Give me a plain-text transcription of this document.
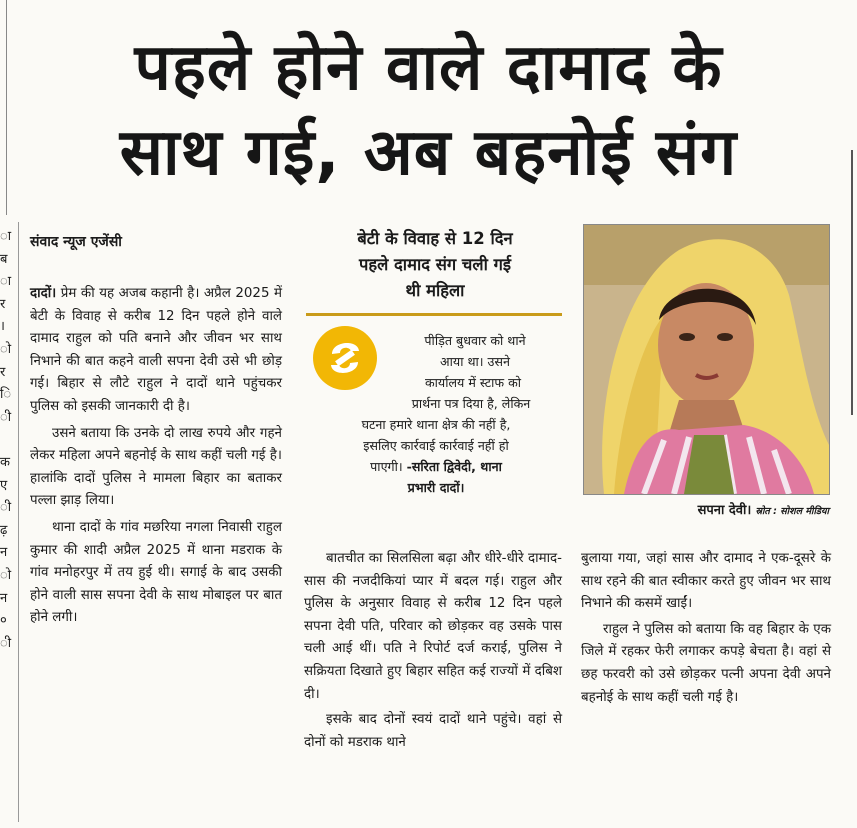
पहले होने वाले दामाद के
साथ गई, अब बहनोई संग
ा
ब
ा
र
।
ो
र
ि
ी

क
ए
ी
ढ़
न
ो
न
०
ी
संवाद न्यूज एजेंसी

दादों। प्रेम की यह अजब कहानी है। अप्रैल 2025 में बेटी के विवाह से करीब 12 दिन पहले होने वाले दामाद राहुल को पति बनाने और जीवन भर साथ निभाने की बात कहने वाली सपना देवी उसे भी छोड़ गई। बिहार से लौटे राहुल ने दादों थाने पहुंचकर पुलिस को इसकी जानकारी दी है।

उसने बताया कि उनके दो लाख रुपये और गहने लेकर महिला अपने बहनोई के साथ कहीं चली गई है। हालांकि दादों पुलिस ने मामला बिहार का बताकर पल्ला झाड़ लिया।

थाना दादों के गांव मछरिया नगला निवासी राहुल कुमार की शादी अप्रैल 2025 में थाना मडराक के गांव मनोहरपुर में तय हुई थी। सगाई के बाद उसकी होने वाली सास सपना देवी के साथ मोबाइल पर बात होने लगी।

बेटी के विवाह से 12 दिन
पहले दामाद संग चली गई
थी महिला

पीड़ित बुधवार को थाने

आया था। उसने

कार्यालय में स्टाफ को

प्रार्थना पत्र दिया है, लेकिन

घटना हमारे थाना क्षेत्र की नहीं है,

इसलिए कार्रवाई कार्रवाई नहीं हो

पाएगी। -सरिता द्विवेदी, थाना

प्रभारी दादों।

सपना देवी। स्रोत : सोशल मीडिया

बातचीत का सिलसिला बढ़ा और धीरे-धीरे दामाद-सास की नजदीकियां प्यार में बदल गई। राहुल और पुलिस के अनुसार विवाह से करीब 12 दिन पहले सपना देवी पति, परिवार को छोड़कर वह उसके पास चली आई थीं। पति ने रिपोर्ट दर्ज कराई, पुलिस ने सक्रियता दिखाते हुए बिहार सहित कई राज्यों में दबिश दी।

इसके बाद दोनों स्वयं दादों थाने पहुंचे। वहां से दोनों को मडराक थाने

बुलाया गया, जहां सास और दामाद ने एक-दूसरे के साथ रहने की बात स्वीकार करते हुए जीवन भर साथ निभाने की कसमें खाईं।

राहुल ने पुलिस को बताया कि वह बिहार के एक जिले में रहकर फेरी लगाकर कपड़े बेचता है। वहां से छह फरवरी को उसे छोड़कर पत्नी अपना देवी अपने बहनोई के साथ कहीं चली गई है।
